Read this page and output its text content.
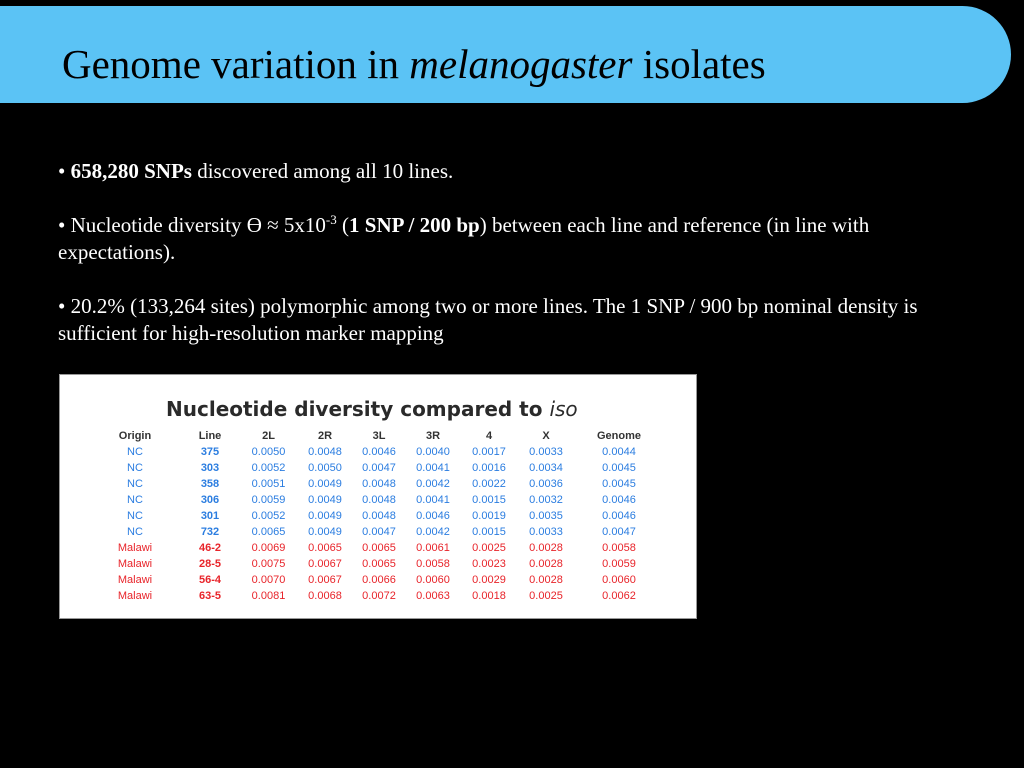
Genome variation in melanogaster isolates
• 658,280 SNPs discovered among all 10 lines.
• Nucleotide diversity Ɵ ≈ $5x10^{-3}$ (1 SNP / 200 bp) between each line and reference (in line with expectations).
• 20.2% (133,264 sites) polymorphic among two or more lines. The 1 SNP / 900 bp nominal density is sufficient for high-resolution marker mapping
Nucleotide diversity compared to iso
Origin	Line	2L	2R	3L	3R	4	X	Genome
NC	375	0.0050	0.0048	0.0046	0.0040	0.0017	0.0033	0.0044
NC	303	0.0052	0.0050	0.0047	0.0041	0.0016	0.0034	0.0045
NC	358	0.0051	0.0049	0.0048	0.0042	0.0022	0.0036	0.0045
NC	306	0.0059	0.0049	0.0048	0.0041	0.0015	0.0032	0.0046
NC	301	0.0052	0.0049	0.0048	0.0046	0.0019	0.0035	0.0046
NC	732	0.0065	0.0049	0.0047	0.0042	0.0015	0.0033	0.0047
Malawi	46-2	0.0069	0.0065	0.0065	0.0061	0.0025	0.0028	0.0058
Malawi	28-5	0.0075	0.0067	0.0065	0.0058	0.0023	0.0028	0.0059
Malawi	56-4	0.0070	0.0067	0.0066	0.0060	0.0029	0.0028	0.0060
Malawi	63-5	0.0081	0.0068	0.0072	0.0063	0.0018	0.0025	0.0062
